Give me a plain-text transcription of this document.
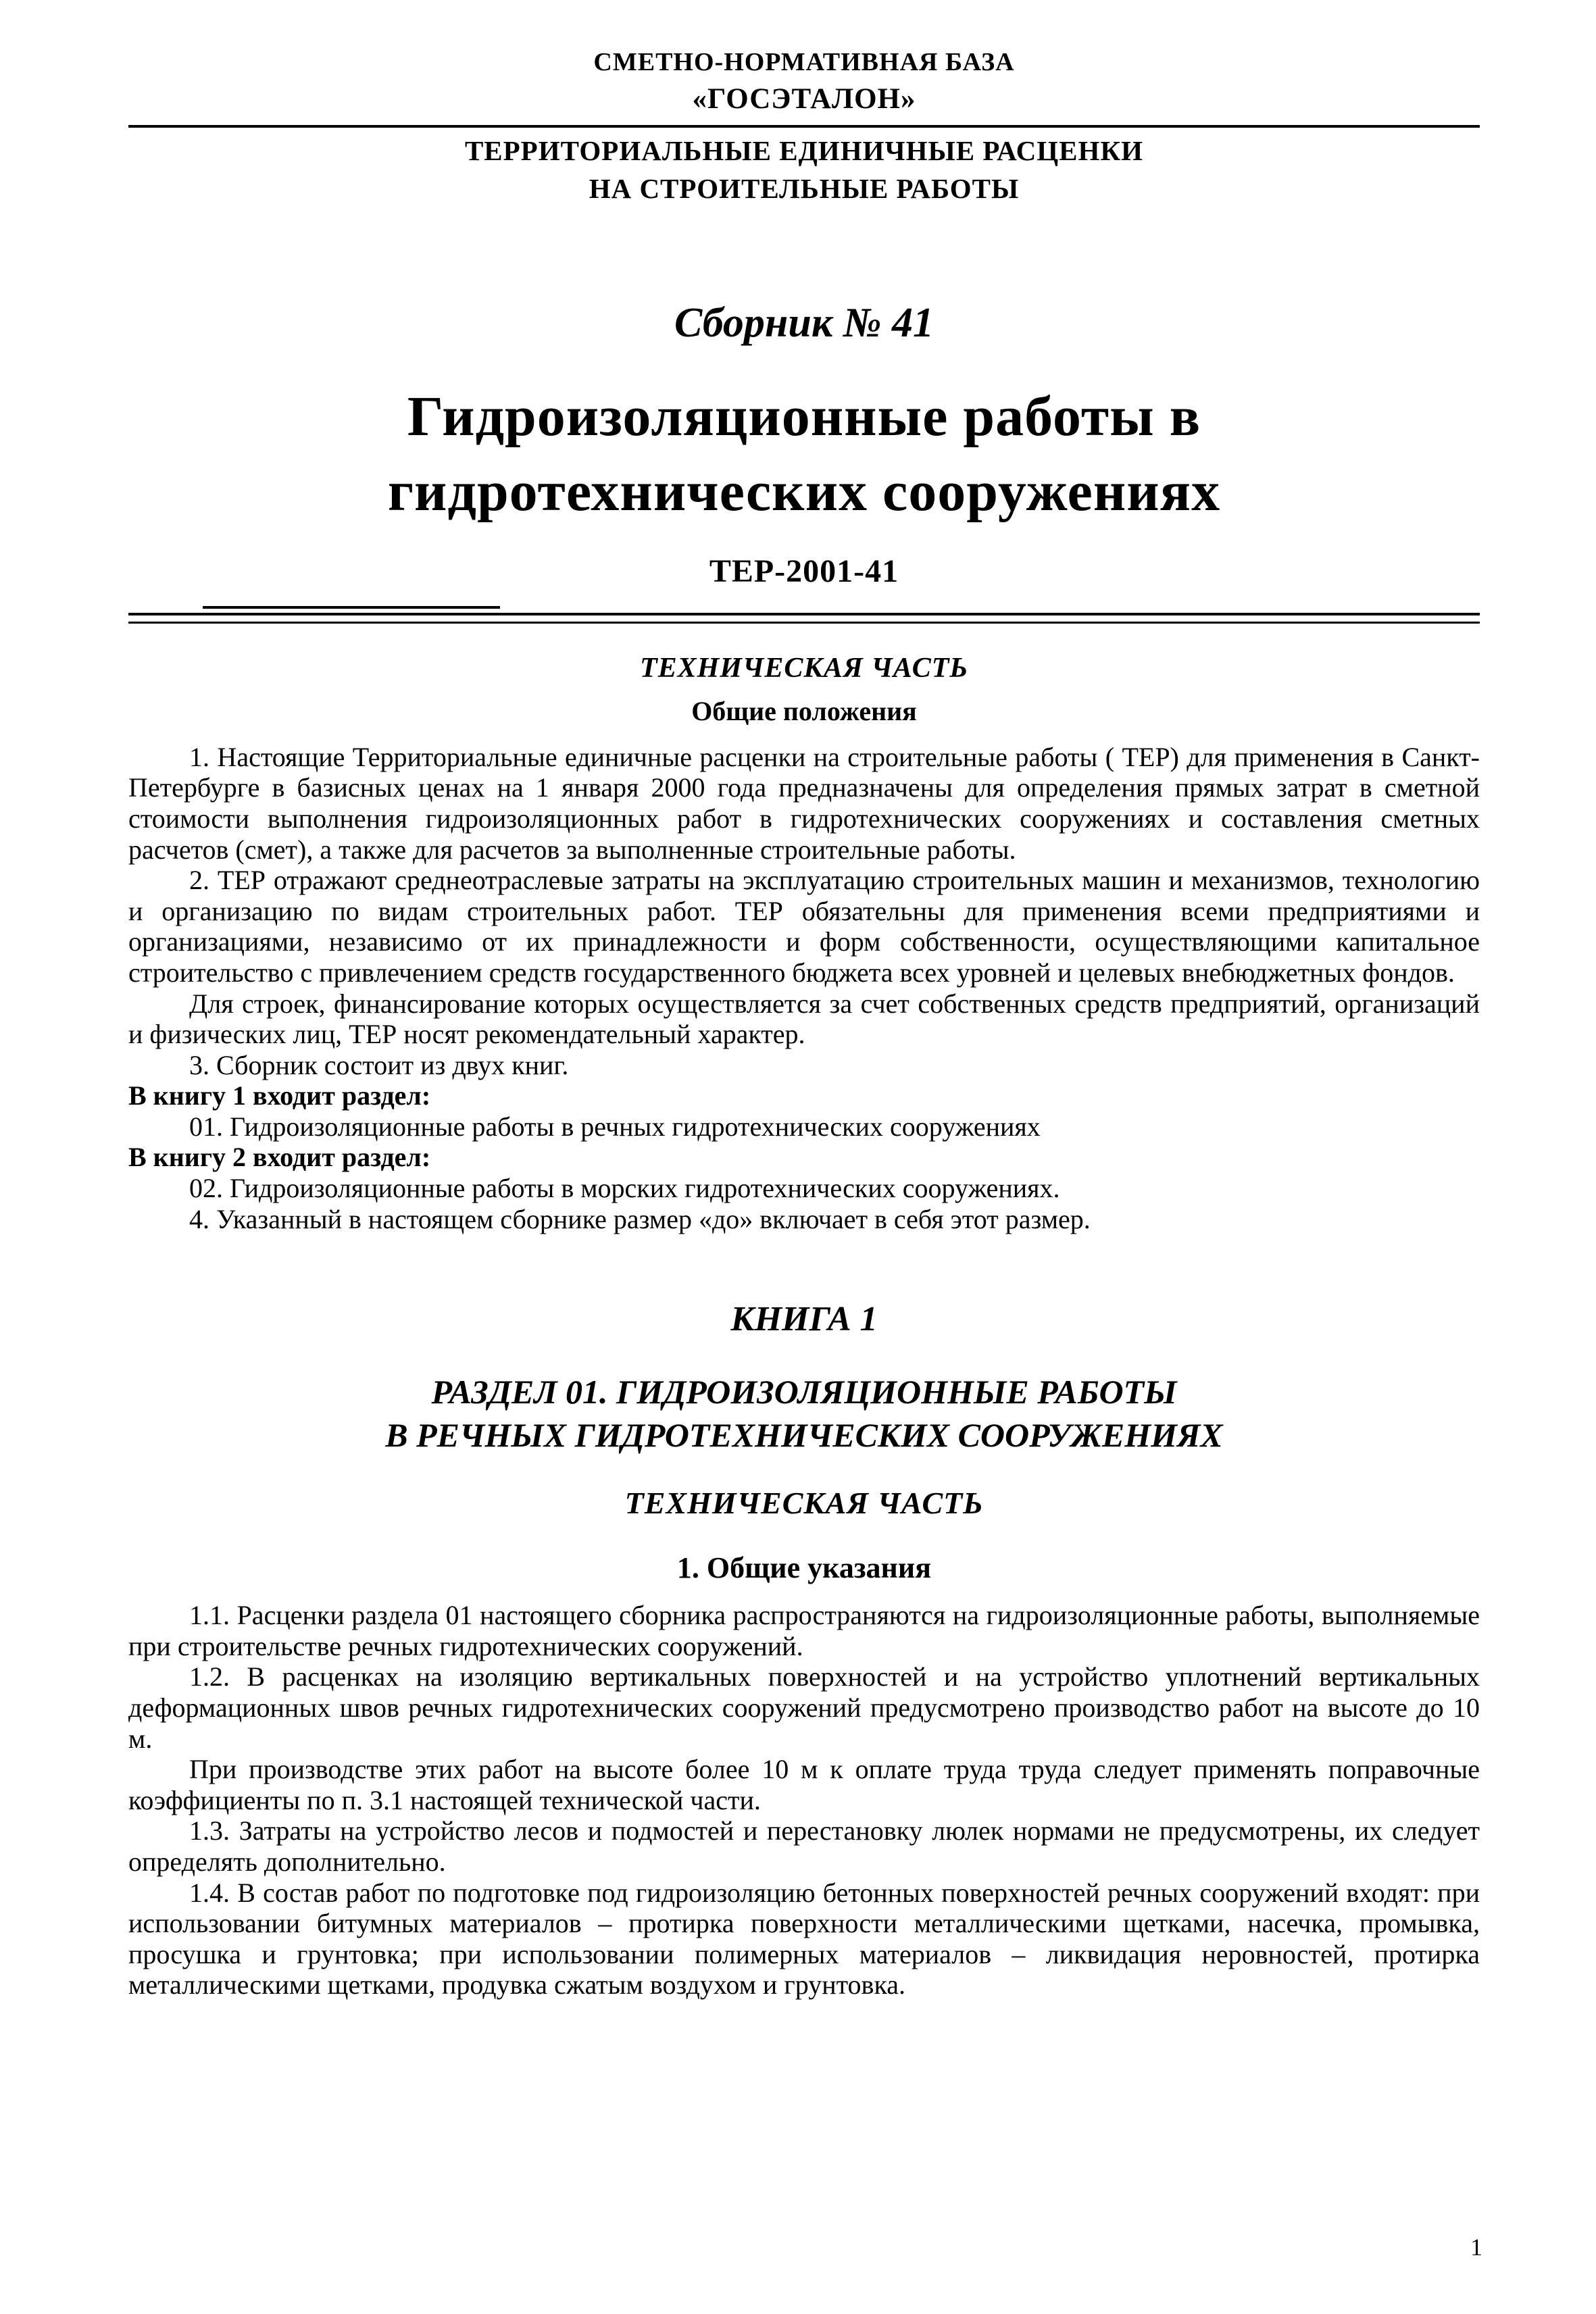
СМЕТНО-НОРМАТИВНАЯ БАЗА
«ГОСЭТАЛОН»
ТЕРРИТОРИАЛЬНЫЕ ЕДИНИЧНЫЕ РАСЦЕНКИ
НА СТРОИТЕЛЬНЫЕ РАБОТЫ
Сборник № 41
Гидроизоляционные работы в
гидротехнических сооружениях
ТЕР-2001-41
ТЕХНИЧЕСКАЯ ЧАСТЬ
Общие положения

1. Настоящие Территориальные единичные расценки на строительные работы ( ТЕР) для применения в Санкт-Петербурге в базисных ценах на 1 января 2000 года предназначены для определения прямых затрат в сметной стоимости выполнения гидроизоляционных работ в гидротехнических сооружениях и составления сметных расчетов (смет), а также для расчетов за выполненные строительные работы.

2. ТЕР отражают среднеотраслевые затраты на эксплуатацию строительных машин и механизмов, технологию и организацию по видам строительных работ. ТЕР обязательны для применения всеми предприятиями и организациями, независимо от их принадлежности и форм собственности, осуществляющими капитальное строительство с привлечением средств государственного бюджета всех уровней и целевых внебюджетных фондов.

Для строек, финансирование которых осуществляется за счет собственных средств предприятий, организаций и физических лиц, ТЕР носят рекомендательный характер.

3. Сборник состоит из двух книг.

В книгу 1 входит раздел:

01. Гидроизоляционные работы в речных гидротехнических сооружениях

В книгу 2 входит раздел:

02. Гидроизоляционные работы в морских гидротехнических сооружениях.

4. Указанный в настоящем сборнике размер «до» включает в себя этот размер.

КНИГА 1
РАЗДЕЛ 01. ГИДРОИЗОЛЯЦИОННЫЕ РАБОТЫ
В РЕЧНЫХ ГИДРОТЕХНИЧЕСКИХ СООРУЖЕНИЯХ
ТЕХНИЧЕСКАЯ ЧАСТЬ
1. Общие указания

1.1. Расценки раздела 01 настоящего сборника распространяются на гидроизоляционные работы, выполняемые при строительстве речных гидротехнических сооружений.

1.2. В расценках на изоляцию вертикальных поверхностей и на устройство уплотнений вертикальных деформационных швов речных гидротехнических сооружений предусмотрено производство работ на высоте до 10 м.

При производстве этих работ на высоте более 10 м к оплате труда труда следует применять поправочные коэффициенты по п. 3.1 настоящей технической части.

1.3. Затраты на устройство лесов и подмостей и перестановку люлек нормами не предусмотрены, их следует определять дополнительно.

1.4. В состав работ по подготовке под гидроизоляцию бетонных поверхностей речных сооружений входят: при использовании битумных материалов – протирка поверхности металлическими щетками, насечка, промывка, просушка и грунтовка; при использовании полимерных материалов – ликвидация неровностей, протирка металлическими щетками, продувка сжатым воздухом и грунтовка.

1
